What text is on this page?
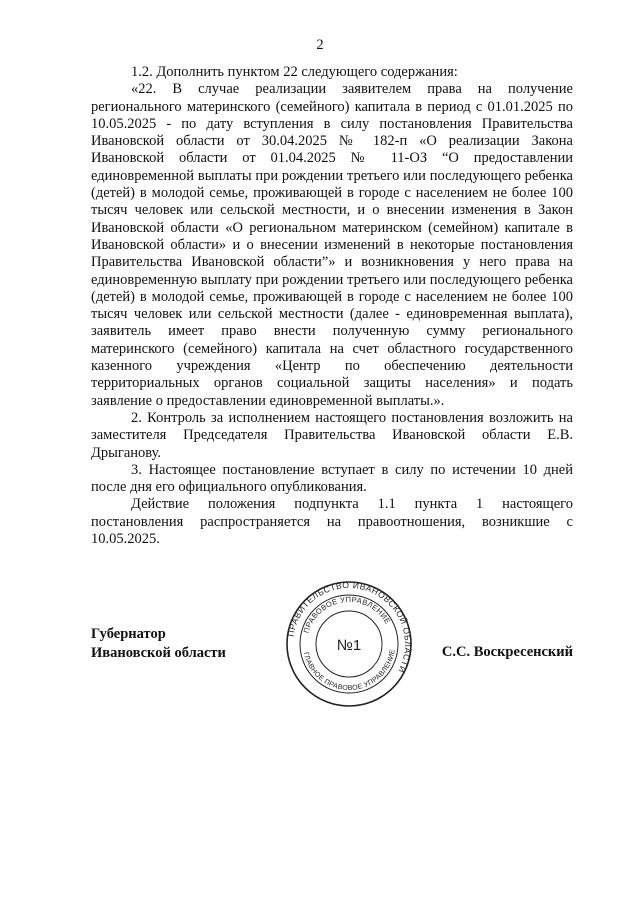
2

1.2. Дополнить пунктом 22 следующего содержания:

«22. В случае реализации заявителем права на получение регионального материнского (семейного) капитала в период с 01.01.2025 по 10.05.2025 - по дату вступления в силу постановления Правительства Ивановской области от 30.04.2025 № 182-п «О реализации Закона Ивановской области от 01.04.2025 № 11-ОЗ “О предоставлении единовременной выплаты при рождении третьего или последующего ребенка (детей) в молодой семье, проживающей в городе с населением не более 100 тысяч человек или сельской местности, и о внесении изменения в Закон Ивановской области «О региональном материнском (семейном) капитале в Ивановской области» и о внесении изменений в некоторые постановления Правительства Ивановской области”» и возникновения у него права на единовременную выплату при рождении третьего или последующего ребенка (детей) в молодой семье, проживающей в городе с населением не более 100 тысяч человек или сельской местности (далее - единовременная выплата), заявитель имеет право внести полученную сумму регионального материнского (семейного) капитала на счет областного государственного казенного учреждения «Центр по обеспечению деятельности территориальных органов социальной защиты населения» и подать заявление о предоставлении единовременной выплаты.».

2. Контроль за исполнением настоящего постановления возложить на заместителя Председателя Правительства Ивановской области Е.В. Дрыганову.

3. Настоящее постановление вступает в силу по истечении 10 дней после дня его официального опубликования.

Действие положения подпункта 1.1 пункта 1 настоящего постановления распространяется на правоотношения, возникшие с 10.05.2025.

Губернатор
Ивановской области
ПРАВИТЕЛЬСТВО ИВАНОВСКОЙ ОБЛАСТИ
ПРАВОВОЕ УПРАВЛЕНИЕ
ГЛАВНОЕ ПРАВОВОЕ УПРАВЛЕНИЕ
№1	С.С. Воскресенский
